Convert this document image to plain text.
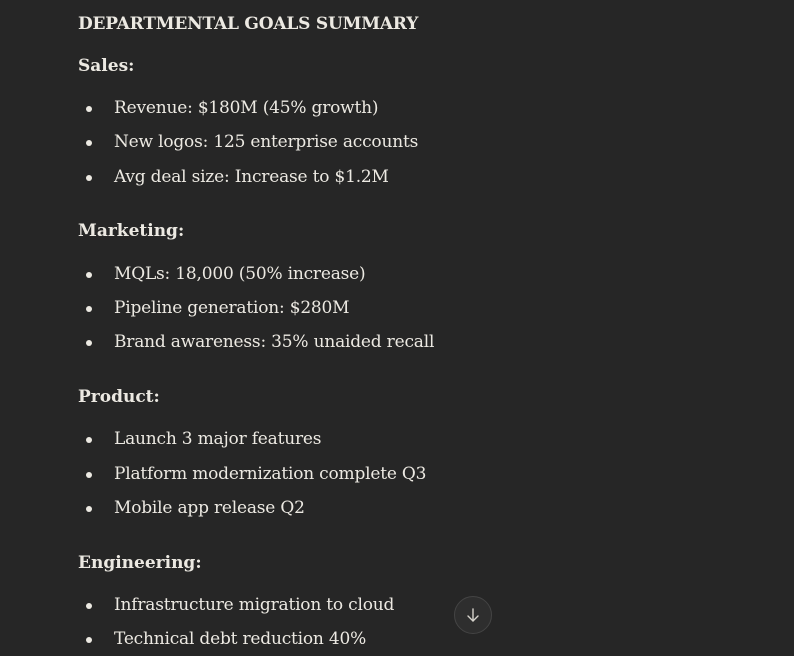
DEPARTMENTAL GOALS SUMMARY
Sales:
Revenue: $180M (45% growth)
New logos: 125 enterprise accounts
Avg deal size: Increase to $1.2M
Marketing:
MQLs: 18,000 (50% increase)
Pipeline generation: $280M
Brand awareness: 35% unaided recall
Product:
Launch 3 major features
Platform modernization complete Q3
Mobile app release Q2
Engineering:
Infrastructure migration to cloud
Technical debt reduction 40%
